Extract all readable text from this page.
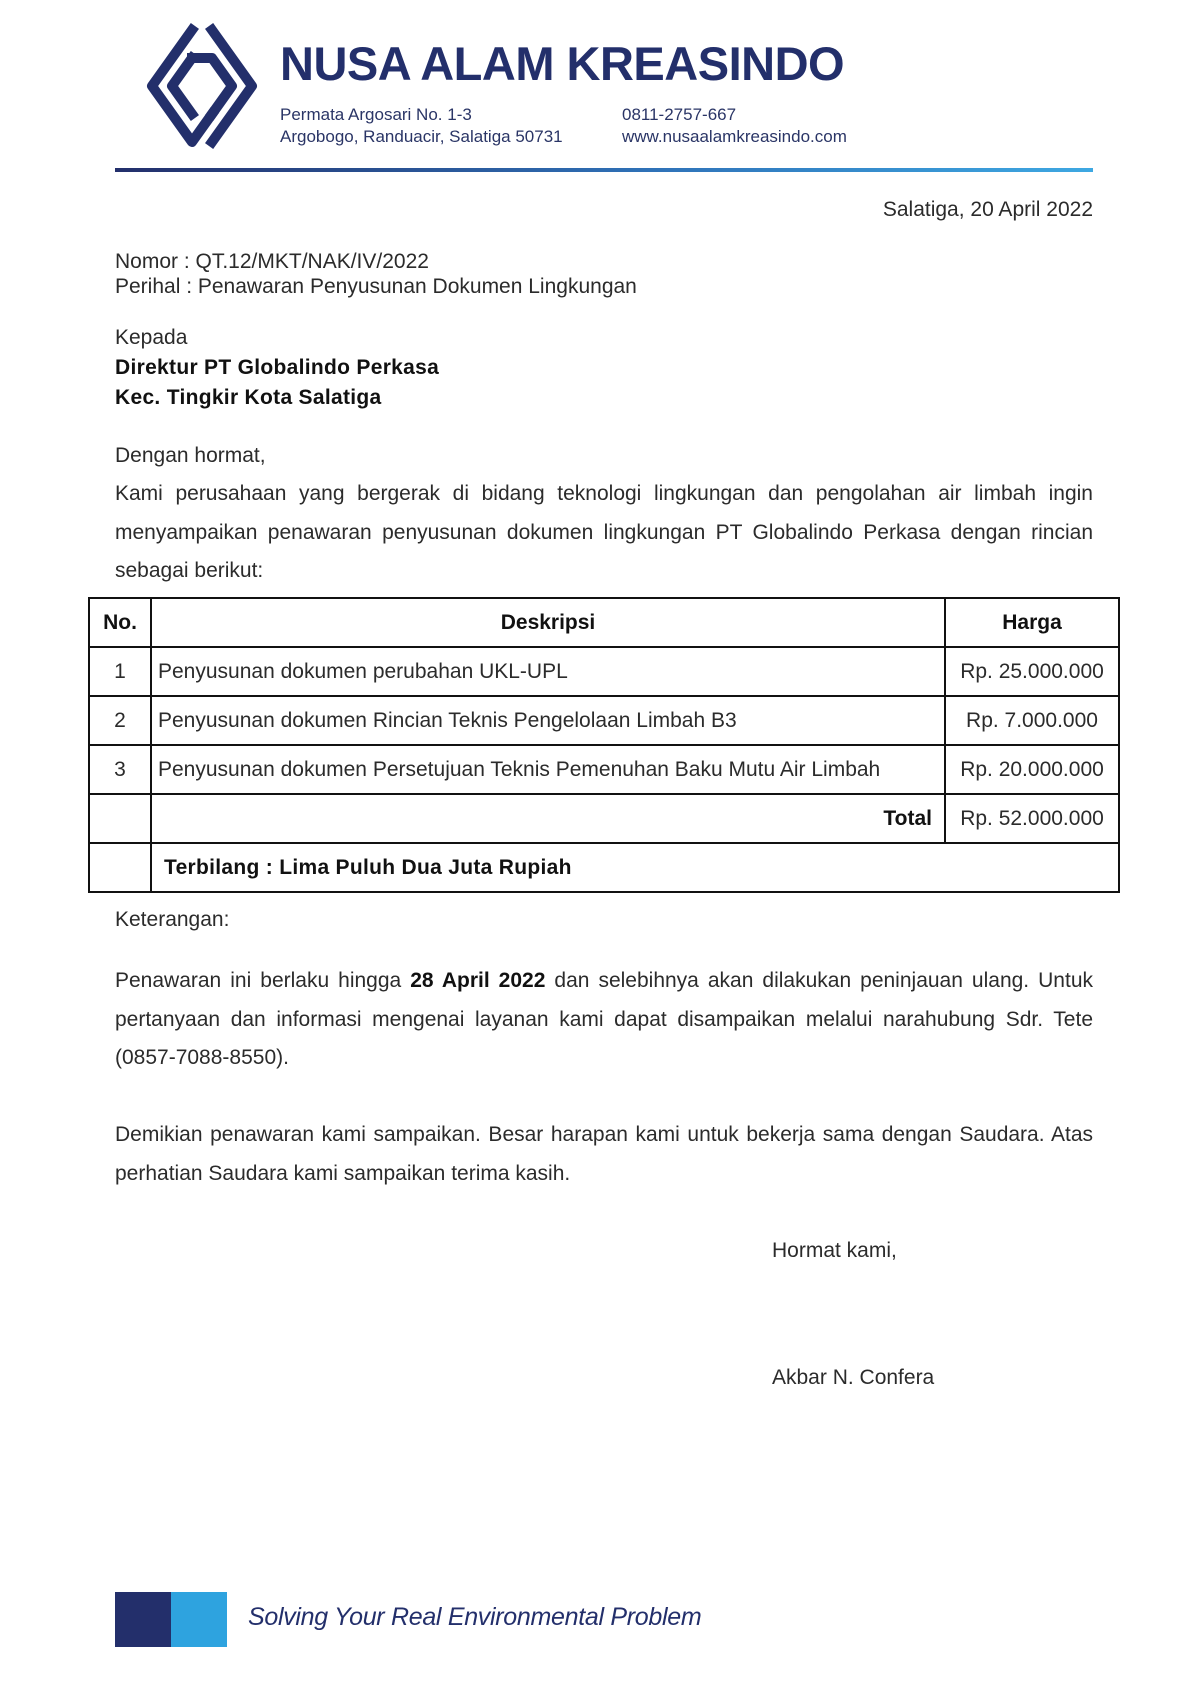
NUSA ALAM KREASINDO
Permata Argosari No. 1-3
Argobogo, Randuacir, Salatiga 50731
0811-2757-667
www.nusaalamkreasindo.com
Salatiga, 20 April 2022
Nomor : QT.12/MKT/NAK/IV/2022
Perihal : Penawaran Penyusunan Dokumen Lingkungan
Kepada
Direktur PT Globalindo Perkasa
Kec. Tingkir Kota Salatiga
Dengan hormat,
Kami perusahaan yang bergerak di bidang teknologi lingkungan dan pengolahan air limbah ingin menyampaikan penawaran penyusunan dokumen lingkungan PT Globalindo Perkasa dengan rincian sebagai berikut:
No.	Deskripsi	Harga
1	Penyusunan dokumen perubahan UKL-UPL	Rp. 25.000.000
2	Penyusunan dokumen Rincian Teknis Pengelolaan Limbah B3	Rp. 7.000.000
3	Penyusunan dokumen Persetujuan Teknis Pemenuhan Baku Mutu Air Limbah	Rp. 20.000.000
	Total	Rp. 52.000.000
	Terbilang : Lima Puluh Dua Juta Rupiah	
Keterangan:
Penawaran ini berlaku hingga 28 April 2022 dan selebihnya akan dilakukan peninjauan ulang. Untuk pertanyaan dan informasi mengenai layanan kami dapat disampaikan melalui narahubung Sdr. Tete (0857-7088-8550).
Demikian penawaran kami sampaikan. Besar harapan kami untuk bekerja sama dengan Saudara. Atas perhatian Saudara kami sampaikan terima kasih.
Hormat kami,
Akbar N. Confera
Solving Your Real Environmental Problem
